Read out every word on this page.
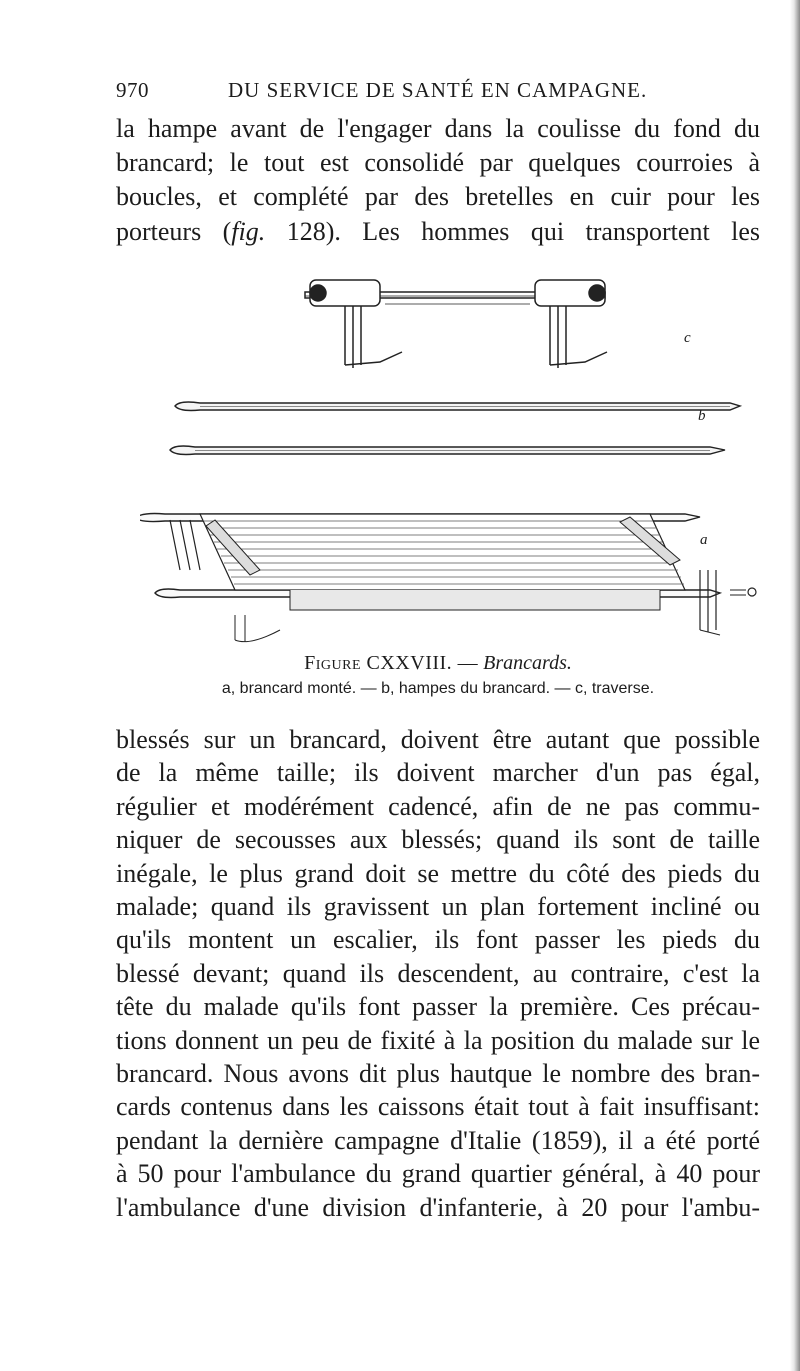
970	DU SERVICE DE SANTÉ EN CAMPAGNE.
la hampe avant de l'engager dans la coulisse du fond du
brancard; le tout est consolidé par quelques courroies à
boucles, et complété par des bretelles en cuir pour les
porteurs (fig. 128). Les hommes qui transportent les
c
b
a
Figure CXXVIII. — Brancards.
a, brancard monté. — b, hampes du brancard. — c, traverse.
blessés sur un brancard, doivent être autant que possible
de la même taille; ils doivent marcher d'un pas égal,
régulier et modérément cadencé, afin de ne pas commu-
niquer de secousses aux blessés; quand ils sont de taille
inégale, le plus grand doit se mettre du côté des pieds du
malade; quand ils gravissent un plan fortement incliné ou
qu'ils montent un escalier, ils font passer les pieds du
blessé devant; quand ils descendent, au contraire, c'est la
tête du malade qu'ils font passer la première. Ces précau-
tions donnent un peu de fixité à la position du malade sur le
brancard. Nous avons dit plus hautque le nombre des bran-
cards contenus dans les caissons était tout à fait insuffisant:
pendant la dernière campagne d'Italie (1859), il a été porté
à 50 pour l'ambulance du grand quartier général, à 40 pour
l'ambulance d'une division d'infanterie, à 20 pour l'ambu-
